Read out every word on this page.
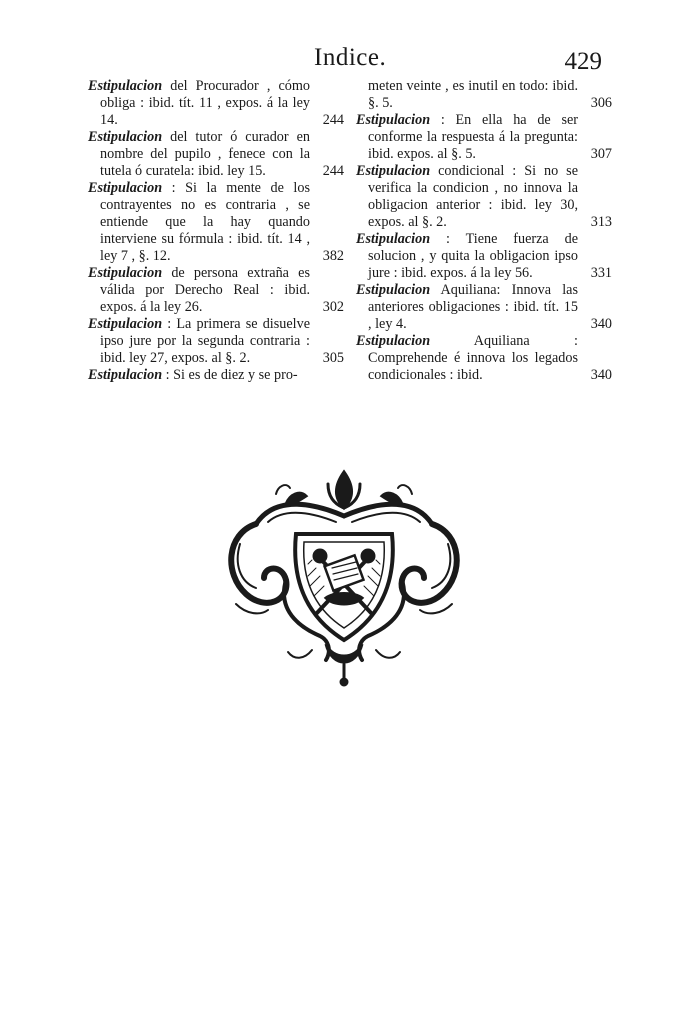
Indice.	429
Estipulacion del Procurador , cómo obliga : ibid. tít. 11 , expos. á la ley 14.	244
Estipulacion del tutor ó curador en nombre del pupilo , fenece con la tutela ó curatela: ibid. ley 15.	244
Estipulacion : Si la mente de los contrayentes no es contraria , se entiende que la hay quando interviene su fórmula : ibid. tít. 14 , ley 7 , §. 12.	382
Estipulacion de persona extraña es válida por Derecho Real : ibid. expos. á la ley 26.	302
Estipulacion : La primera se disuelve ipso jure por la segunda contraria : ibid. ley 27, expos. al §. 2.	305
Estipulacion : Si es de diez y se pro-
meten veinte , es inutil en todo: ibid. §. 5.	306
Estipulacion : En ella ha de ser conforme la respuesta á la pregunta: ibid. expos. al §. 5.	307
Estipulacion condicional : Si no se verifica la condicion , no innova la obligacion anterior : ibid. ley 30, expos. al §. 2.	313
Estipulacion : Tiene fuerza de solucion , y quita la obligacion ipso jure : ibid. expos. á la ley 56.	331
Estipulacion Aquiliana: Innova las anteriores obligaciones : ibid. tít. 15 , ley 4.	340
Estipulacion Aquiliana : Comprehende é innova los legados condicionales : ibid.	340
